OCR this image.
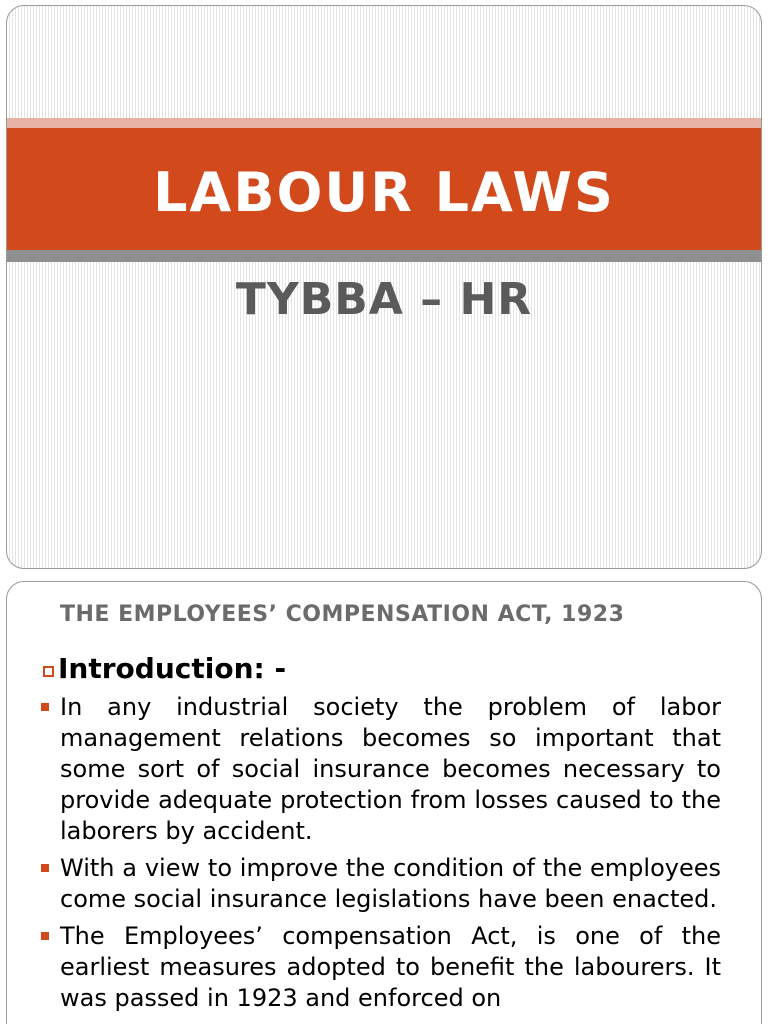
LABOUR LAWS
TYBBA – HR
THE EMPLOYEES’ COMPENSATION ACT, 1923
Introduction: -
In any industrial society the problem of labor management relations becomes so important that some sort of social insurance becomes necessary to provide adequate protection from losses caused to the laborers by accident.
With a view to improve the condition of the employees come social insurance legislations have been enacted.
The Employees’ compensation Act, is one of the earliest measures adopted to benefit the labourers. It was passed in 1923 and enforced on
